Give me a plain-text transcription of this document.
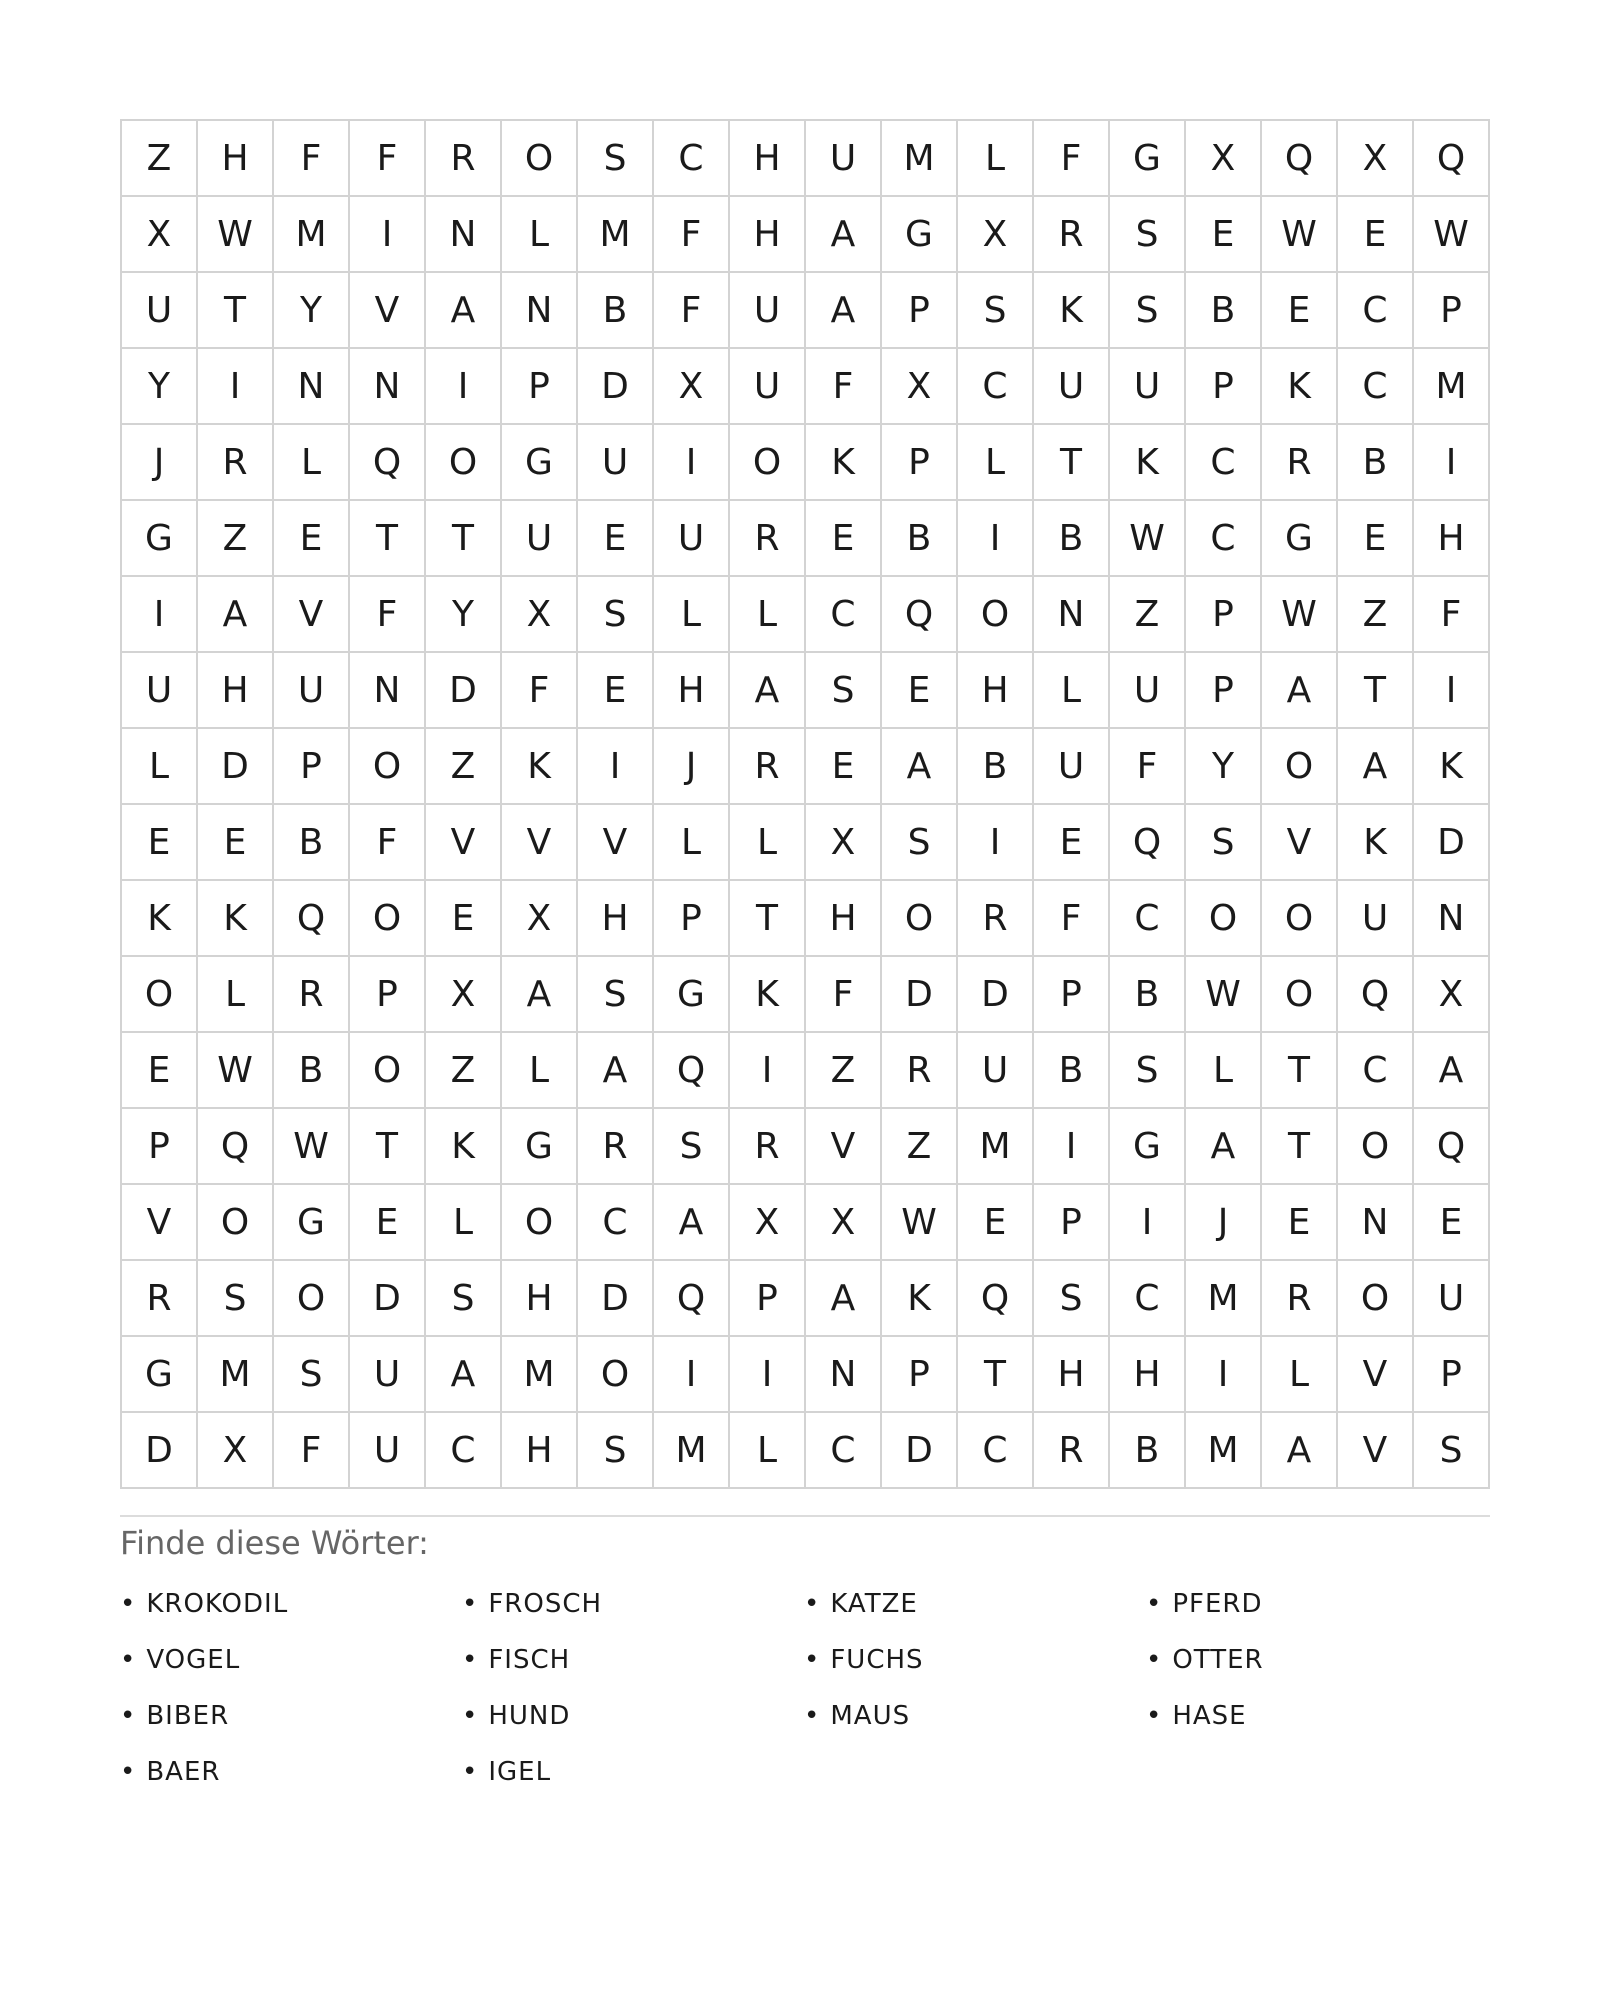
Z	H	F	F	R	O	S	C	H	U	M	L	F	G	X	Q	X	Q
X	W	M	I	N	L	M	F	H	A	G	X	R	S	E	W	E	W
U	T	Y	V	A	N	B	F	U	A	P	S	K	S	B	E	C	P
Y	I	N	N	I	P	D	X	U	F	X	C	U	U	P	K	C	M
J	R	L	Q	O	G	U	I	O	K	P	L	T	K	C	R	B	I
G	Z	E	T	T	U	E	U	R	E	B	I	B	W	C	G	E	H
I	A	V	F	Y	X	S	L	L	C	Q	O	N	Z	P	W	Z	F
U	H	U	N	D	F	E	H	A	S	E	H	L	U	P	A	T	I
L	D	P	O	Z	K	I	J	R	E	A	B	U	F	Y	O	A	K
E	E	B	F	V	V	V	L	L	X	S	I	E	Q	S	V	K	D
K	K	Q	O	E	X	H	P	T	H	O	R	F	C	O	O	U	N
O	L	R	P	X	A	S	G	K	F	D	D	P	B	W	O	Q	X
E	W	B	O	Z	L	A	Q	I	Z	R	U	B	S	L	T	C	A
P	Q	W	T	K	G	R	S	R	V	Z	M	I	G	A	T	O	Q
V	O	G	E	L	O	C	A	X	X	W	E	P	I	J	E	N	E
R	S	O	D	S	H	D	Q	P	A	K	Q	S	C	M	R	O	U
G	M	S	U	A	M	O	I	I	N	P	T	H	H	I	L	V	P
D	X	F	U	C	H	S	M	L	C	D	C	R	B	M	A	V	S
Finde diese Wörter:
• KROKODIL	• FROSCH	• KATZE	• PFERD
• VOGEL	• FISCH	• FUCHS	• OTTER
• BIBER	• HUND	• MAUS	• HASE
• BAER	• IGEL
